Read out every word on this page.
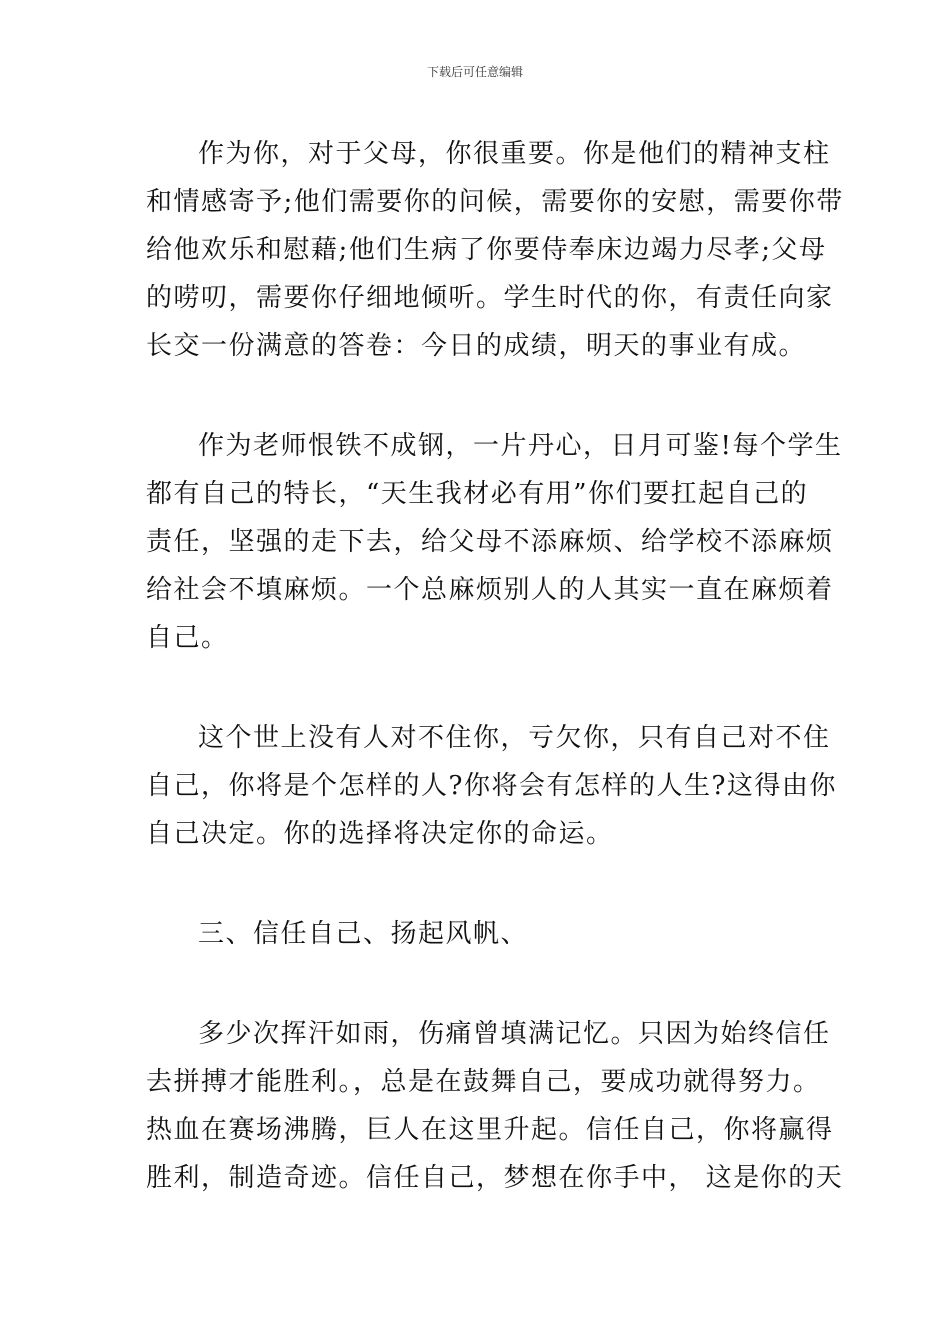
下载后可任意编辑
作为你，对于父母，你很重要。你是他们的精神支柱
和情感寄予;他们需要你的问候，需要你的安慰，需要你带
给他欢乐和慰藉;他们生病了你要侍奉床边竭力尽孝;父母
的唠叨，需要你仔细地倾听。学生时代的你，有责任向家
长交一份满意的答卷：今日的成绩，明天的事业有成。
作为老师恨铁不成钢，一片丹心，日月可鉴!每个学生
都有自己的特长，“天生我材必有用”你们要扛起自己的
责任，坚强的走下去，给父母不添麻烦、给学校不添麻烦
给社会不填麻烦。一个总麻烦别人的人其实一直在麻烦着
自己。
这个世上没有人对不住你，亏欠你，只有自己对不住
自己，你将是个怎样的人?你将会有怎样的人生?这得由你
自己决定。你的选择将决定你的命运。
三、信任自己、扬起风帆、
多少次挥汗如雨，伤痛曾填满记忆。只因为始终信任
去拼搏才能胜利。，总是在鼓舞自己，要成功就得努力。
热血在赛场沸腾，巨人在这里升起。信任自己，你将赢得
胜利，制造奇迹。信任自己，梦想在你手中， 这是你的天
